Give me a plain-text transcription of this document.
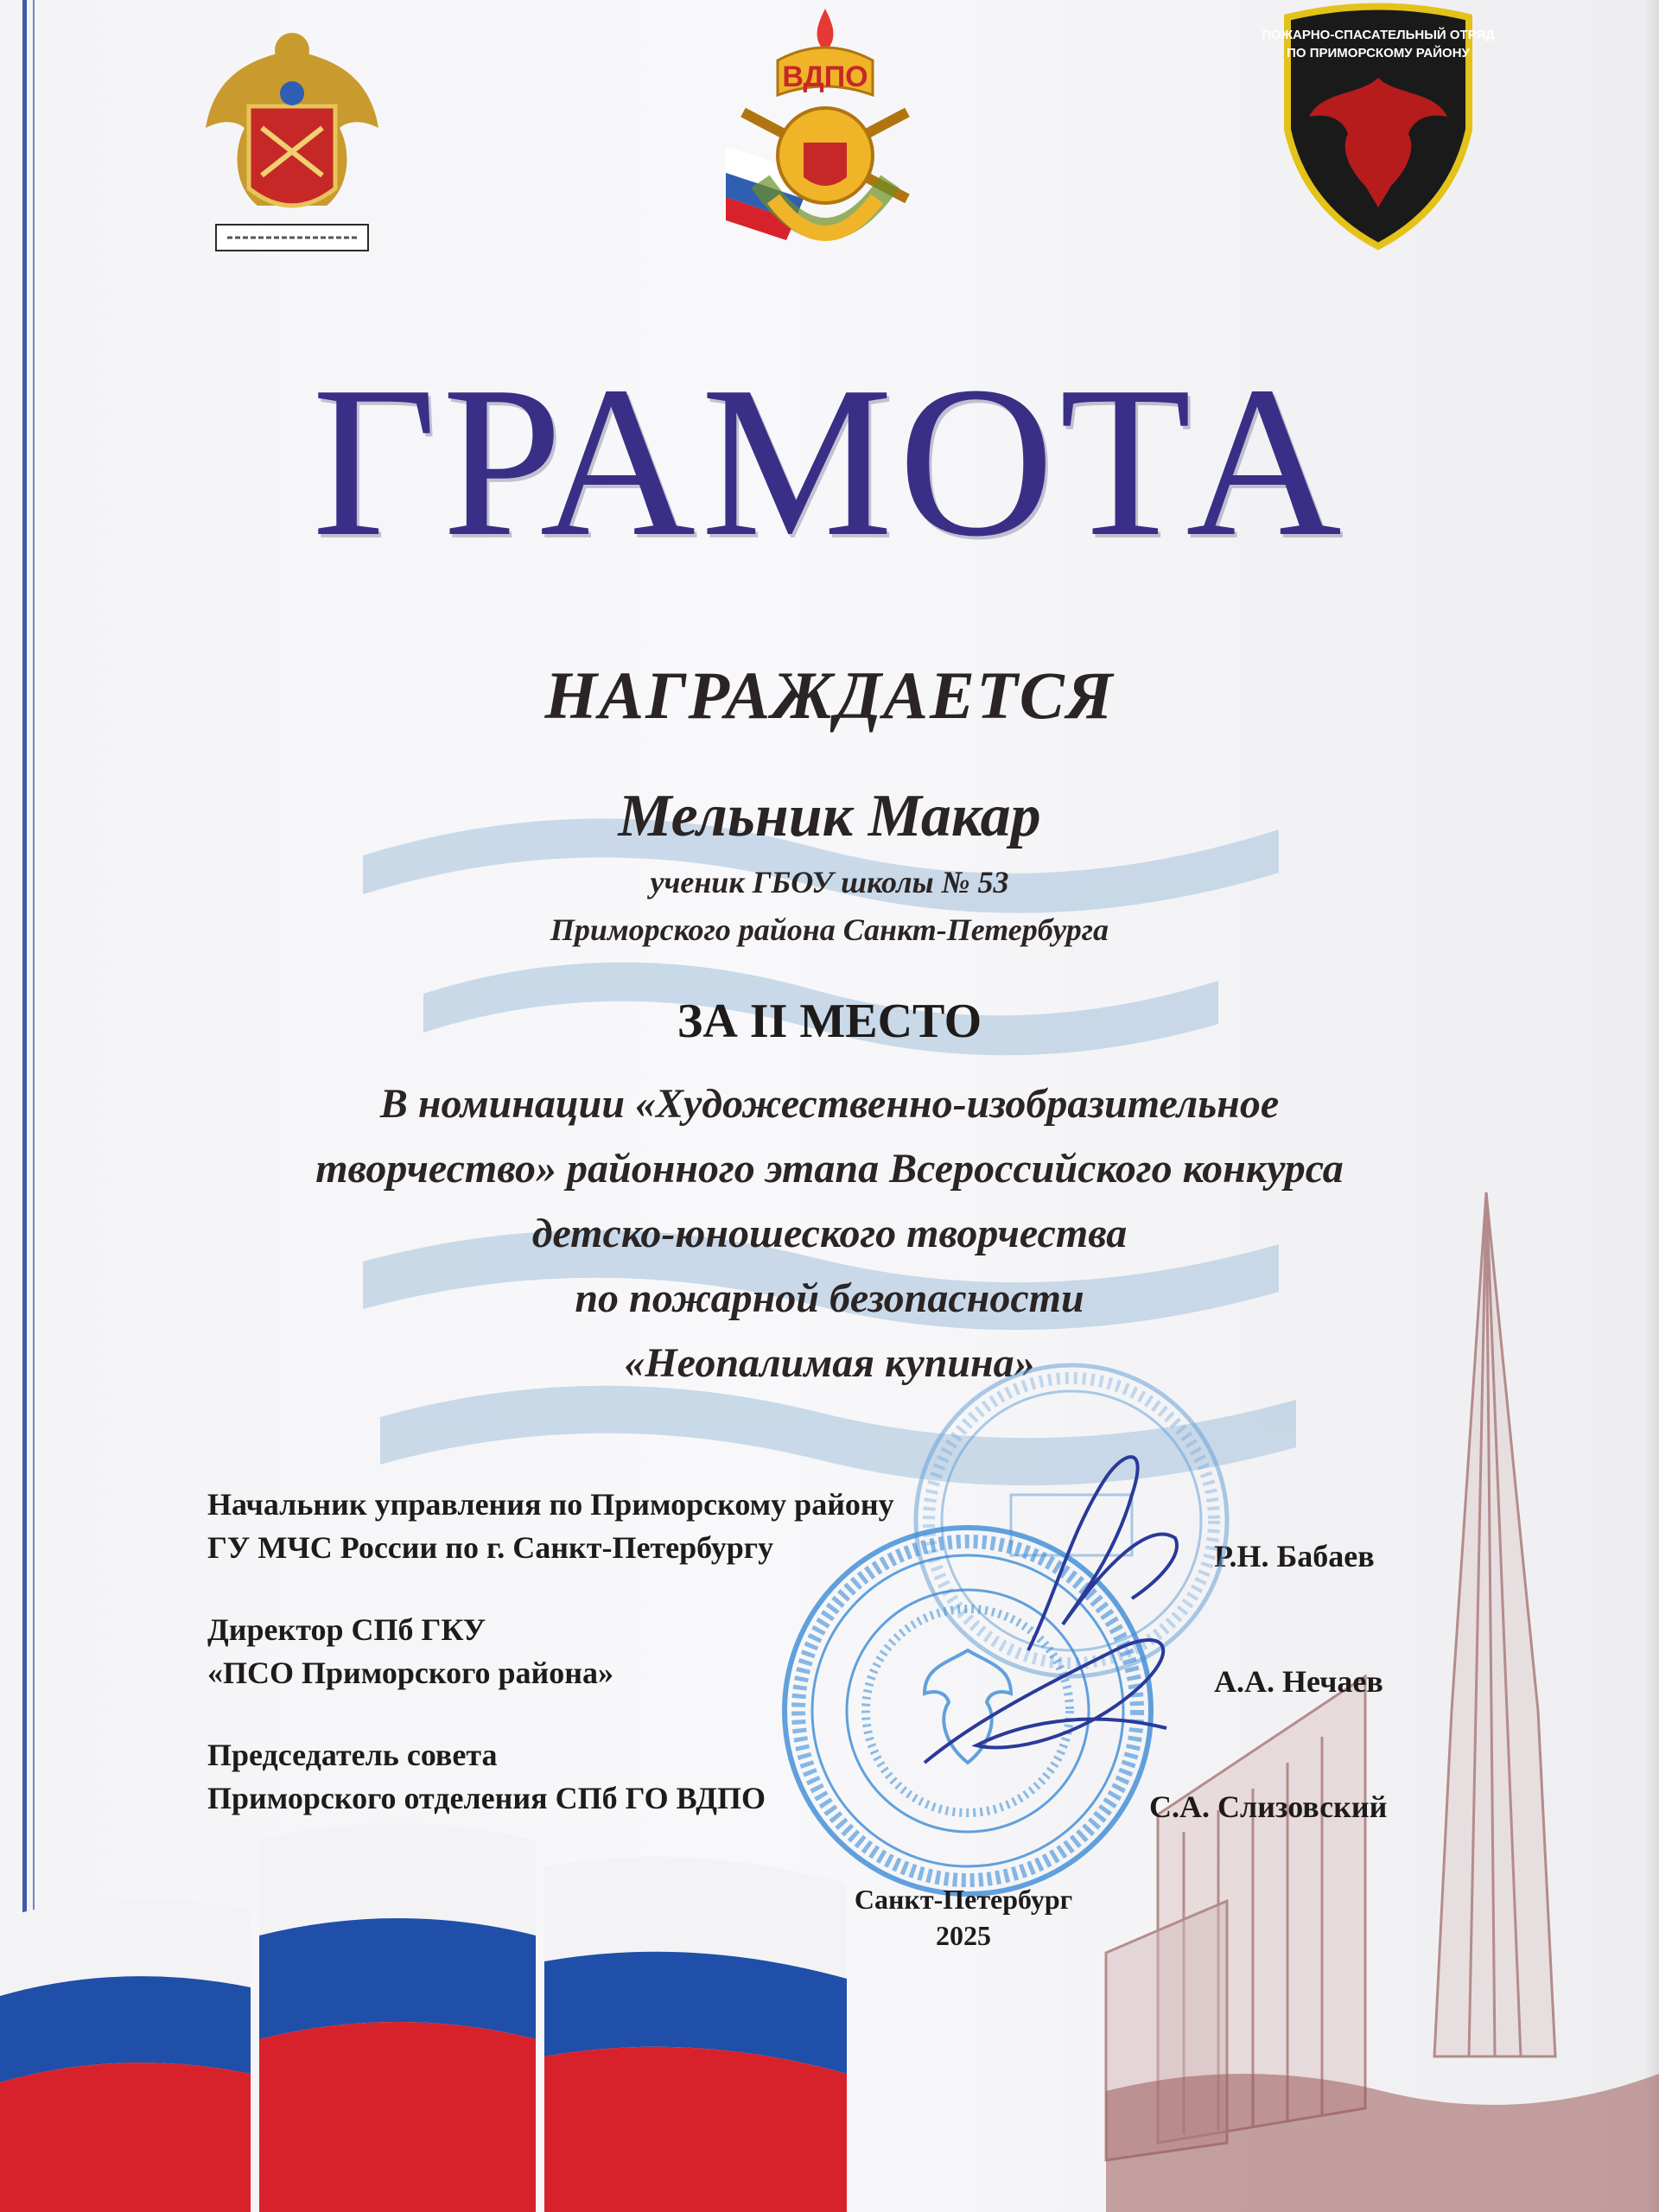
ВДПО
ПОЖАРНО-СПАСАТЕЛЬНЫЙ ОТРЯД
ПО ПРИМОРСКОМУ РАЙОНУ
ГРАМОТА
НАГРАЖДАЕТСЯ
Мельник Макар
ученик ГБОУ школы № 53
Приморского района Санкт-Петербурга
ЗА II МЕСТО
В номинации «Художественно-изобразительное
творчество» районного этапа Всероссийского конкурса
детско-юношеского творчества
по пожарной безопасности
«Неопалимая купина»
Начальник управления по Приморскому району
ГУ МЧС России по г. Санкт-Петербургу	Р.Н. Бабаев
Директор СПб ГКУ
«ПСО Приморского района»	А.А. Нечаев
Председатель совета
Приморского отделения СПб ГО ВДПО	С.А. Слизовский
Санкт-Петербург
2025
